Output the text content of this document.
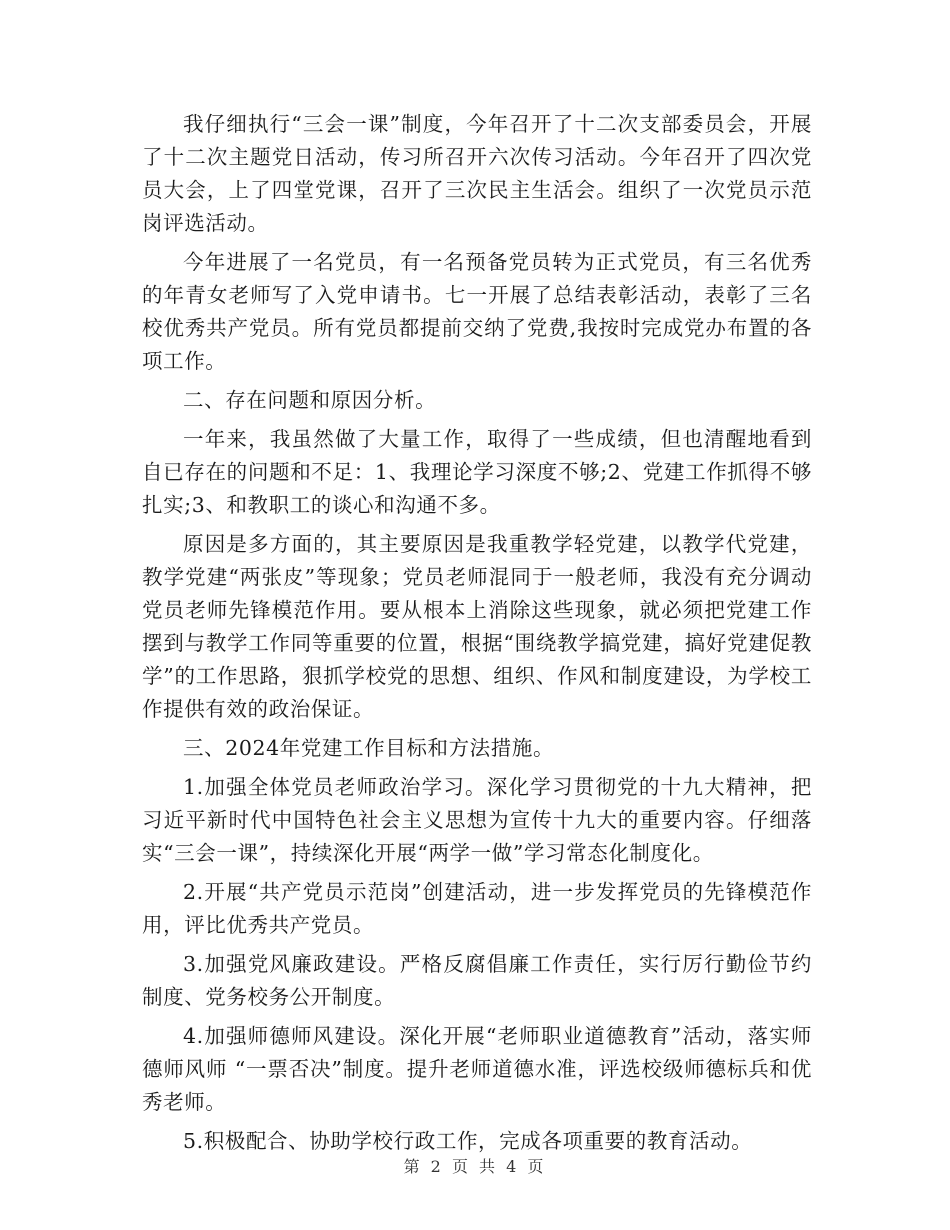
我仔细执行“三会一课”制度，今年召开了十二次支部委员会，开展了十二次主题党日活动，传习所召开六次传习活动。今年召开了四次党员大会，上了四堂党课，召开了三次民主生活会。组织了一次党员示范岗评选活动。

今年进展了一名党员，有一名预备党员转为正式党员，有三名优秀的年青女老师写了入党申请书。七一开展了总结表彰活动，表彰了三名校优秀共产党员。所有党员都提前交纳了党费,我按时完成党办布置的各项工作。

二、存在问题和原因分析。

一年来，我虽然做了大量工作，取得了一些成绩，但也清醒地看到自已存在的问题和不足：1、我理论学习深度不够;2、党建工作抓得不够扎实;3、和教职工的谈心和沟通不多。

原因是多方面的，其主要原因是我重教学轻党建，以教学代党建，教学党建“两张皮”等现象；党员老师混同于一般老师，我没有充分调动党员老师先锋模范作用。要从根本上消除这些现象，就必须把党建工作摆到与教学工作同等重要的位置，根据“围绕教学搞党建，搞好党建促教学”的工作思路，狠抓学校党的思想、组织、作风和制度建设，为学校工作提供有效的政治保证。

三、2024年党建工作目标和方法措施。

1.加强全体党员老师政治学习。深化学习贯彻党的十九大精神，把习近平新时代中国特色社会主义思想为宣传十九大的重要内容。仔细落实“三会一课”，持续深化开展“两学一做”学习常态化制度化。

2.开展“共产党员示范岗”创建活动，进一步发挥党员的先锋模范作用，评比优秀共产党员。

3.加强党风廉政建设。严格反腐倡廉工作责任，实行厉行勤俭节约制度、党务校务公开制度。

4.加强师德师风建设。深化开展“老师职业道德教育”活动，落实师德师风师 “一票否决”制度。提升老师道德水准，评选校级师德标兵和优秀老师。

5.积极配合、协助学校行政工作，完成各项重要的教育活动。

第 2 页 共 4 页
